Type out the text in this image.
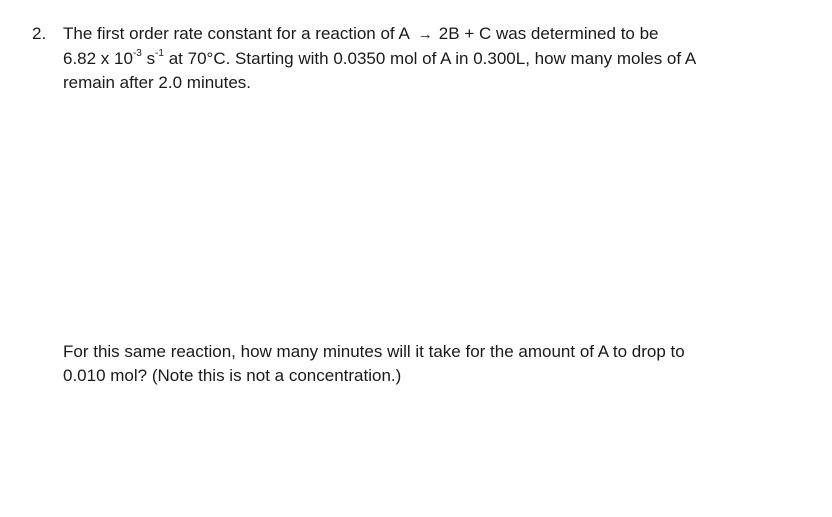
2. The first order rate constant for a reaction of A → 2B + C was determined to be
6.82 x $10^{-3}$ $s^{-1}$ at 70°C. Starting with 0.0350 mol of A in 0.300L, how many moles of A
remain after 2.0 minutes.
For this same reaction, how many minutes will it take for the amount of A to drop to
0.010 mol? (Note this is not a concentration.)
